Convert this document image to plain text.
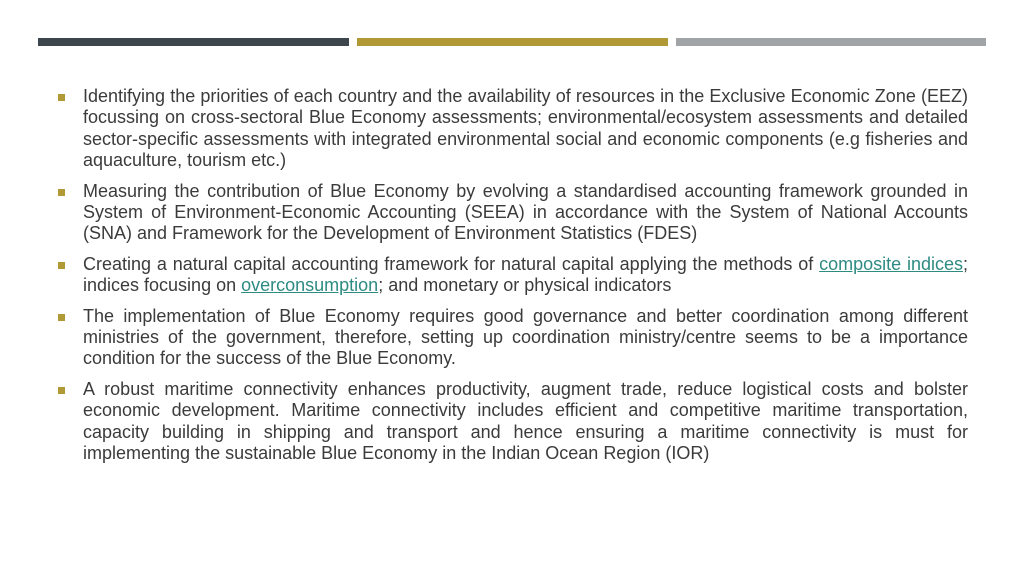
Identifying the priorities of each country and the availability of resources in the Exclusive Economic Zone (EEZ) focussing on cross-sectoral Blue Economy assessments; environmental/ecosystem assessments and detailed sector-specific assessments with integrated environmental social and economic components (e.g fisheries and aquaculture, tourism etc.)
Measuring the contribution of Blue Economy by evolving a standardised accounting framework grounded in System of Environment-Economic Accounting (SEEA) in accordance with the System of National Accounts (SNA) and Framework for the Development of Environment Statistics (FDES)
Creating a natural capital accounting framework for natural capital applying the methods of composite indices; indices focusing on overconsumption; and monetary or physical indicators
The implementation of Blue Economy requires good governance and better coordination among different ministries of the government, therefore, setting up coordination ministry/centre seems to be a importance condition for the success of the Blue Economy.
A robust maritime connectivity enhances productivity, augment trade, reduce logistical costs and bolster economic development. Maritime connectivity includes efficient and competitive maritime transportation, capacity building in shipping and transport and hence ensuring a maritime connectivity is must for implementing the sustainable Blue Economy in the Indian Ocean Region (IOR)
